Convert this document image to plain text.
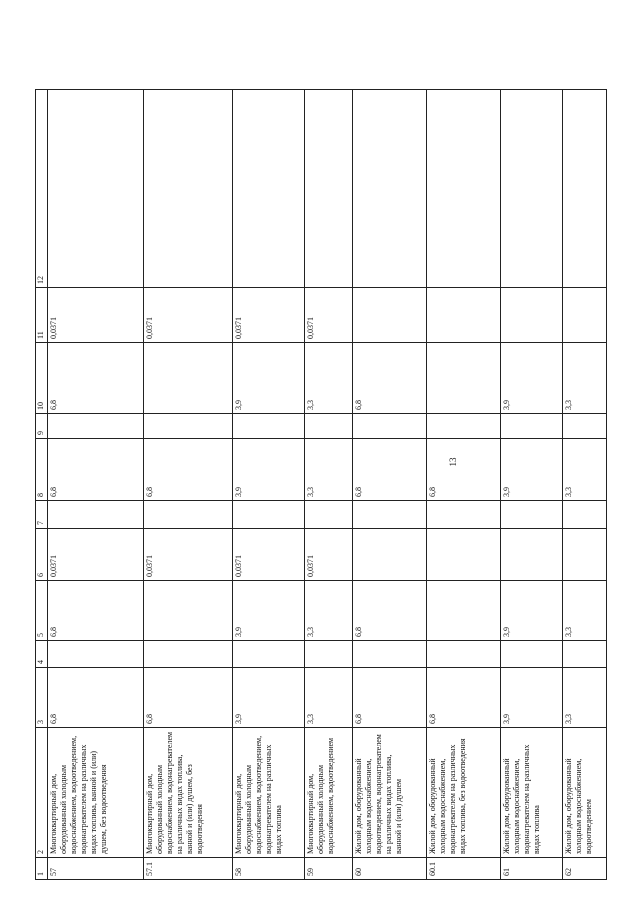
13
1	2	3	4	5	6	7	8	9	10	11	12
57	Многоквартирный дом, оборудованный холодным водоснабжением, водоотведением, водонагревателем на различных видах топлива, ванной и (или) душем, без водоотведения	6,8		6,8	0,0371		6,8		6,8	0,0371	
57.1	Многоквартирный дом, оборудованный холодным водоснабжением, водонагревателем на различных видах топлива, ванной и (или) душем, без водоотведения	6,8			0,0371		6,8			0,0371	
58	Многоквартирный дом, оборудованный холодным водоснабжением, водоотведением, водонагревателем на различных видах топлива	3,9		3,9	0,0371		3,9		3,9	0,0371	
59	Многоквартирный дом, оборудованный холодным водоснабжением, водоотведением	3,3		3,3	0,0371		3,3		3,3	0,0371	
60	Жилой дом, оборудованный холодным водоснабжением, водоотведением, водонагревателем на различных видах топлива, ванной и (или) душем	6,8		6,8			6,8		6,8		
60.1	Жилой дом, оборудованный холодным водоснабжением, водонагревателем на различных видах топлива, без водоотведения	6,8					6,8				
61	Жилой дом, оборудованный холодным водоснабжением, водонагревателем на различных видах топлива	3,9		3,9			3,9		3,9		
62	Жилой дом, оборудованный холодным водоснабжением, водоотведением	3,3		3,3			3,3		3,3		
